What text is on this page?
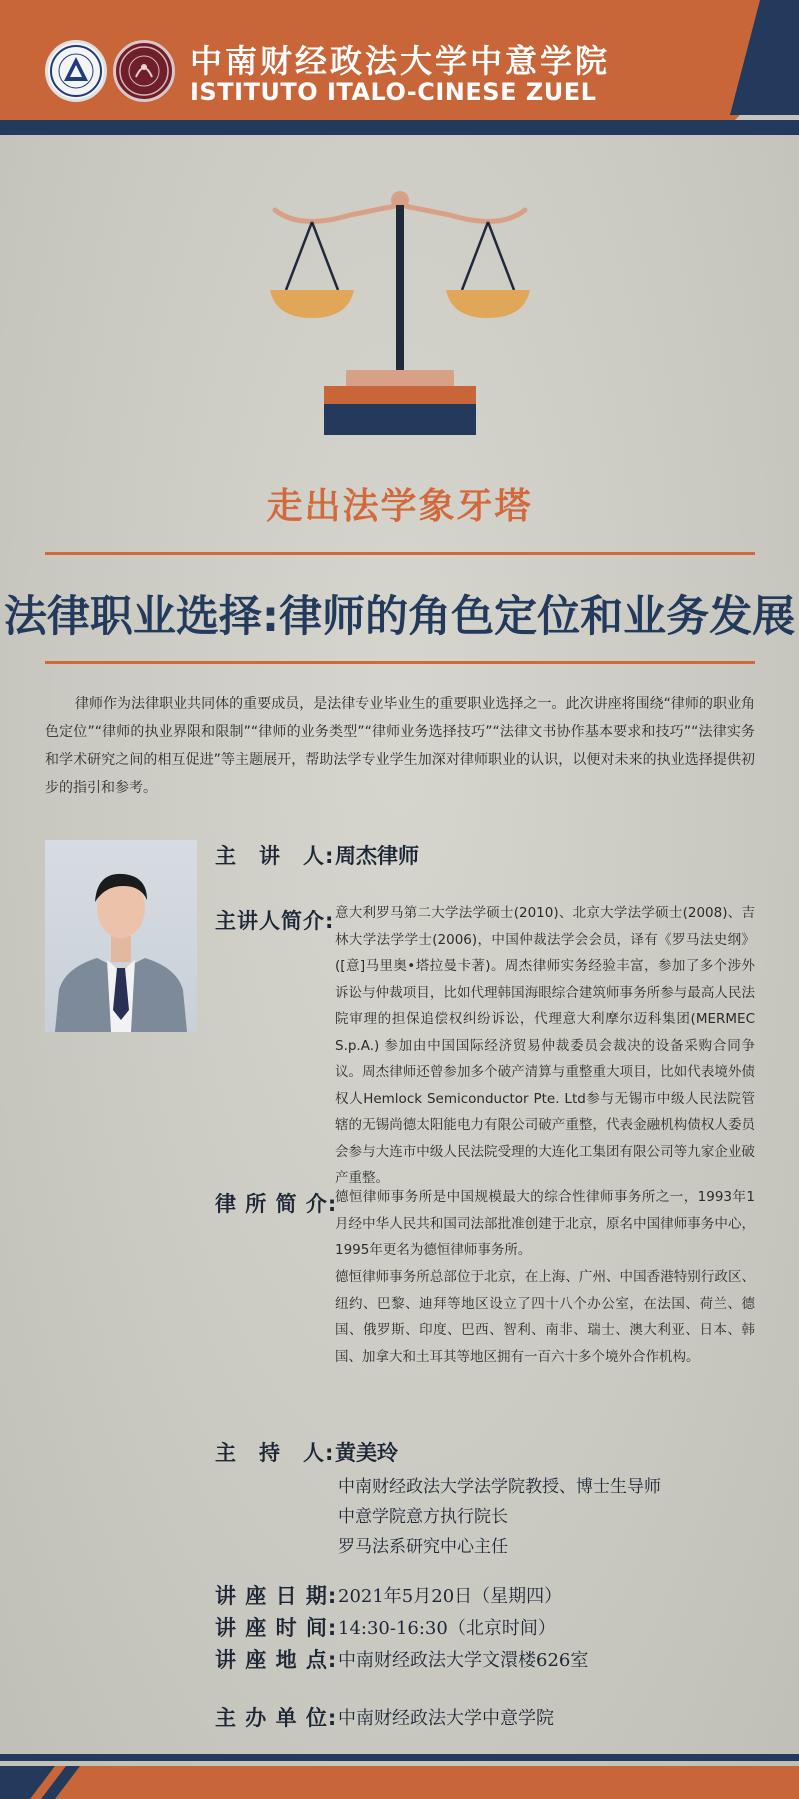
中南财经政法大学中意学院
ISTITUTO ITALO-CINESE ZUEL
走出法学象牙塔
法律职业选择:律师的角色定位和业务发展
律师作为法律职业共同体的重要成员，是法律专业毕业生的重要职业选择之一。此次讲座将围绕“律师的职业角色定位”“律师的执业界限和限制”“律师的业务类型”“律师业务选择技巧”“法律文书协作基本要求和技巧”“法律实务和学术研究之间的相互促进”等主题展开，帮助法学专业学生加深对律师职业的认识，以便对未来的执业选择提供初步的指引和参考。
主　讲　人: 周杰律师
主讲人简介: 意大利罗马第二大学法学硕士(2010)、北京大学法学硕士(2008)、吉林大学法学学士(2006)，中国仲裁法学会会员，译有《罗马法史纲》([意]马里奥•塔拉曼卡著)。周杰律师实务经验丰富，参加了多个涉外诉讼与仲裁项目，比如代理韩国海眼综合建筑师事务所参与最高人民法院审理的担保追偿权纠纷诉讼，代理意大利摩尔迈科集团(MERMEC S.p.A.) 参加由中国国际经济贸易仲裁委员会裁决的设备采购合同争议。周杰律师还曾参加多个破产清算与重整重大项目，比如代表境外债权人Hemlock Semiconductor Pte. Ltd参与无锡市中级人民法院管辖的无锡尚德太阳能电力有限公司破产重整，代表金融机构债权人委员会参与大连市中级人民法院受理的大连化工集团有限公司等九家企业破产重整。
律 所 简 介:
德恒律师事务所是中国规模最大的综合性律师事务所之一，1993年1月经中华人民共和国司法部批准创建于北京，原名中国律师事务中心，1995年更名为德恒律师事务所。
德恒律师事务所总部位于北京，在上海、广州、中国香港特别行政区、纽约、巴黎、迪拜等地区设立了四十八个办公室，在法国、荷兰、德国、俄罗斯、印度、巴西、智利、南非、瑞士、澳大利亚、日本、韩国、加拿大和土耳其等地区拥有一百六十多个境外合作机构。
主　持　人: 黄美玲
中南财经政法大学法学院教授、博士生导师
中意学院意方执行院长
罗马法系研究中心主任
讲 座 日 期: 2021年5月20日（星期四）
讲 座 时 间: 14:30-16:30（北京时间）
讲 座 地 点: 中南财经政法大学文澴楼626室
主 办 单 位: 中南财经政法大学中意学院
